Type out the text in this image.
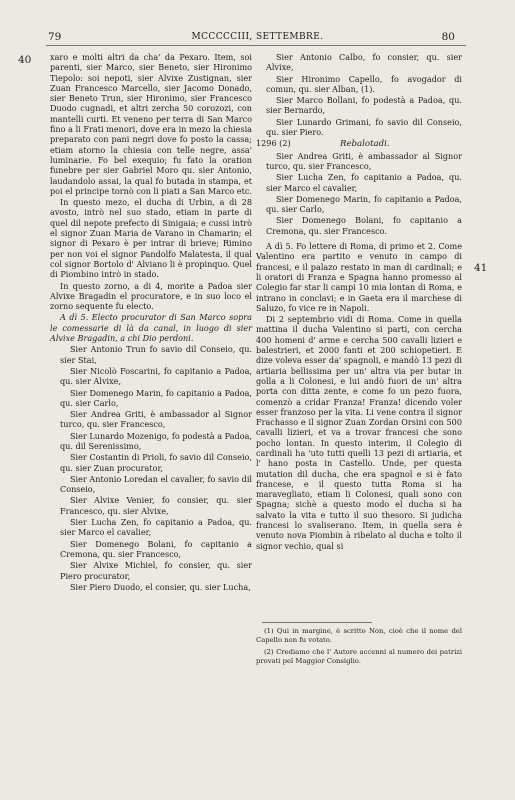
79	MCCCCCIII, SETTEMBRE.	80
40
41

xaro e molti altri da cha' da Pexaro. Item, soi parenti, sier Marco, sier Beneto, sier Hironimo Tiepolo: soi nepoti, sier Alvixe Zustignan, sier Zuan Francesco Marcello, sier Jacomo Donado, sier Beneto Trun, sier Hironimo, sier Francesco Duodo cugnadi, et altri zercha 50 corozozi, con mantelli curti. Et veneno per terra di San Marco fino a li Frati menori, dove era in mezo la chiesia preparato con pani negri dove fo posto la cassa; etiam atorno la chiesia con telle negre, assa' luminarie. Fo bel exequio; fu fato la oration funebre per sier Gabriel Moro qu. sier Antonio, laudandolo assai, la qual fo butada in stampa, et poi el principe tornò con li piati a San Marco etc.

In questo mezo, el ducha di Urbin, a di 28 avosto, intrò nel suo stado, etiam in parte di quel dil nepote prefecto di Sinigaia; e cussi intrò el signor Zuan Maria de Varano in Chamarin; el signor di Pexaro è per intrar di brieve; Rimino per non voi el signor Pandolfo Malatesta, il qual col signor Bortolo d' Alviano li è propinquo. Quel di Piombino intrò in stado.

In questo zorno, a di 4, morite a Padoa sier Alvixe Bragadin el procuratore, e in suo loco el zorno sequente fu electo.

A dì 5. Electo procurator di San Marco sopra le comessarie di là da canal, in luogo di sier Alvixe Bragadin, a chi Dio perdoni.

Sier Antonio Trun fo savio dil Conseio, qu. sier Stai,

Sier Nicolò Foscarini, fo capitanio a Padoa, qu. sier Alvixe,

Sier Domenego Marin, fo capitanio a Padoa, qu. sier Carlo,

Sier Andrea Griti, è ambassador al Signor turco, qu. sier Francesco,

Sier Lunardo Mozenigo, fo podestà a Padoa, qu. dil Serenissimo,

Sier Costantin di Prioli, fo savio dil Conseio, qu. sier Zuan procurator,

Sier Antonio Loredan el cavalier, fo savio dil Conseio,

Sier Alvixe Venier, fo consier, qu. sier Francesco, qu. sier Alvixe,

Sier Lucha Zen, fo capitanio a Padoa, qu. sier Marco el cavalier,

Sier Domenego Bolani, fo capitanio a Cremona, qu. sier Francesco,

Sier Alvixe Michiel, fo consier, qu. sier Piero procurator,

Sier Piero Duodo, el consier, qu. sier Lucha,

Sier Antonio Calbo, fo consier, qu. sier Alvixe,

Sier Hironimo Capello, fo avogador di comun, qu. sier Alban, (1).

Sier Marco Bollani, fo podestà a Padoa, qu. sier Bernardo,

Sier Lunardo Grimani, fo savio dil Conseio, qu. sier Piero.

1296 (2)	Rebalotadi.

Sier Andrea Griti, è ambassador al Signor turco, qu. sier Francesco,

Sier Lucha Zen, fo capitanio a Padoa, qu. sier Marco el cavalier,

Sier Domenego Marin, fo capitanio a Padoa, qu. sier Carlo,

Sier Domenego Bolani, fo capitanio a Cremona, qu. sier Francesco.

A dì 5. Fo lettere di Roma, di primo et 2. Come Valentino era partito e venuto in campo di francesi, e il palazo restato in man di cardinali; e li oratori di Franza e Spagna hanno promesso al Colegio far star li campi 10 mia lontan di Roma, e intrano in conclavi; e in Gaeta era il marchese di Saluzo, fo vice re in Napoli.

Di 2 septembrio vidi di Roma. Come in quella mattina il ducha Valentino si parti, con cercha 400 homeni d' arme e cercha 500 cavalli lizieri e balestrieri, et 2000 fanti et 200 schiopetieri. E dize voleva esser da' spagnoli, e mandò 13 pezi di artiaria bellissima per un' altra via per butar in golla a li Colonesi, e lui andò fuori de un' altra porta con ditta zente, e come fo un pezo fuora, comenzò a cridar Franza! Franza! dicendo voler esser franzoso per la vita. Li vene contra il signor Frachasso e il signor Zuan Zordan Orsini con 500 cavalli lizieri, et va a trovar francesi che sono pocho lontan. In questo interim, il Colegio di cardinali ha 'uto tutti quelli 13 pezi di artiaria, et l' hano posta in Castello. Unde, per questa mutation dil ducha, che era spagnol e si è fato francese, e il questo tutta Roma si ha maravegliato, etiam li Colonesi, quali sono con Spagna; sichè a questo modo el ducha si ha salvato la vita e tutto il suo thesoro. Si judicha francesi lo svaliserano. Item, in quella sera è venuto nova Piombin à ribelato al ducha e tolto il signor vechio, qual si

(1) Qui in margine, è scritto Non, cioè che il nome del Capello non fu votato.

(2) Crediamo che l' Autore accenni al numero dei patrizi provati pel Maggior Consiglio.
